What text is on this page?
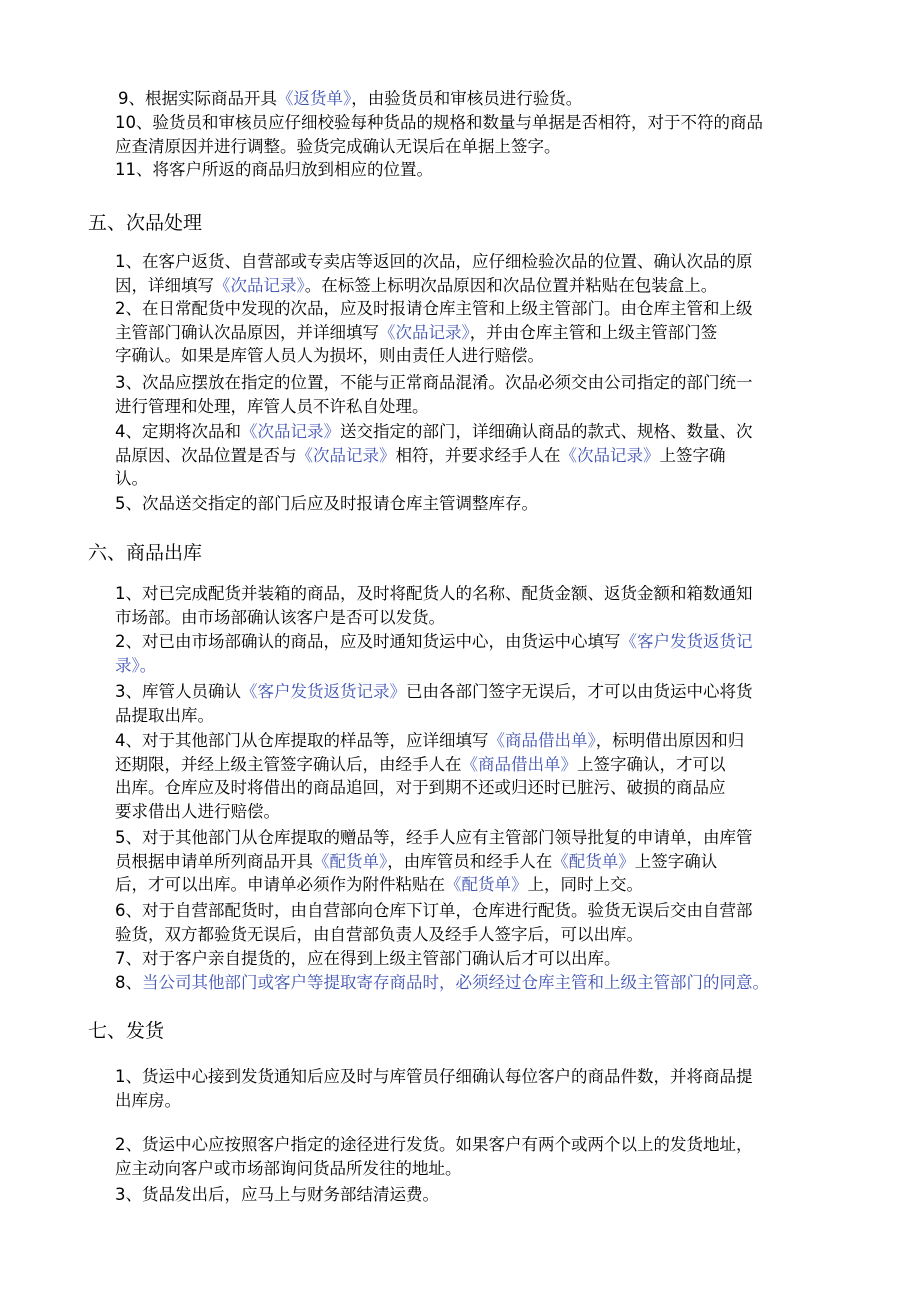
9、根据实际商品开具《返货单》，由验货员和审核员进行验货。
10、验货员和审核员应仔细校验每种货品的规格和数量与单据是否相符，对于不符的商品
应查清原因并进行调整。验货完成确认无误后在单据上签字。
11、将客户所返的商品归放到相应的位置。
五、次品处理
六、商品出库
七、发货
1、在客户返货、自营部或专卖店等返回的次品，应仔细检验次品的位置、确认次品的原
因，详细填写《次品记录》。在标签上标明次品原因和次品位置并粘贴在包装盒上。
2、在日常配货中发现的次品，应及时报请仓库主管和上级主管部门。由仓库主管和上级
主管部门确认次品原因，并详细填写《次品记录》，并由仓库主管和上级主管部门签
字确认。如果是库管人员人为损坏，则由责任人进行赔偿。
3、次品应摆放在指定的位置，不能与正常商品混淆。次品必须交由公司指定的部门统一
进行管理和处理，库管人员不许私自处理。
4、定期将次品和《次品记录》送交指定的部门，详细确认商品的款式、规格、数量、次
品原因、次品位置是否与《次品记录》相符，并要求经手人在《次品记录》上签字确
认。
5、次品送交指定的部门后应及时报请仓库主管调整库存。
1、对已完成配货并装箱的商品，及时将配货人的名称、配货金额、返货金额和箱数通知
市场部。由市场部确认该客户是否可以发货。
2、对已由市场部确认的商品，应及时通知货运中心，由货运中心填写《客户发货返货记
录》。
3、库管人员确认《客户发货返货记录》已由各部门签字无误后，才可以由货运中心将货
品提取出库。
4、对于其他部门从仓库提取的样品等，应详细填写《商品借出单》，标明借出原因和归
还期限，并经上级主管签字确认后，由经手人在《商品借出单》上签字确认，才可以
出库。仓库应及时将借出的商品追回，对于到期不还或归还时已脏污、破损的商品应
要求借出人进行赔偿。
5、对于其他部门从仓库提取的赠品等，经手人应有主管部门领导批复的申请单，由库管
员根据申请单所列商品开具《配货单》，由库管员和经手人在《配货单》上签字确认
后，才可以出库。申请单必须作为附件粘贴在《配货单》上，同时上交。
6、对于自营部配货时，由自营部向仓库下订单，仓库进行配货。验货无误后交由自营部
验货，双方都验货无误后，由自营部负责人及经手人签字后，可以出库。
7、对于客户亲自提货的，应在得到上级主管部门确认后才可以出库。
8、当公司其他部门或客户等提取寄存商品时，必须经过仓库主管和上级主管部门的同意。
1、货运中心接到发货通知后应及时与库管员仔细确认每位客户的商品件数，并将商品提
出库房。
2、货运中心应按照客户指定的途径进行发货。如果客户有两个或两个以上的发货地址，
应主动向客户或市场部询问货品所发往的地址。
3、货品发出后，应马上与财务部结清运费。
